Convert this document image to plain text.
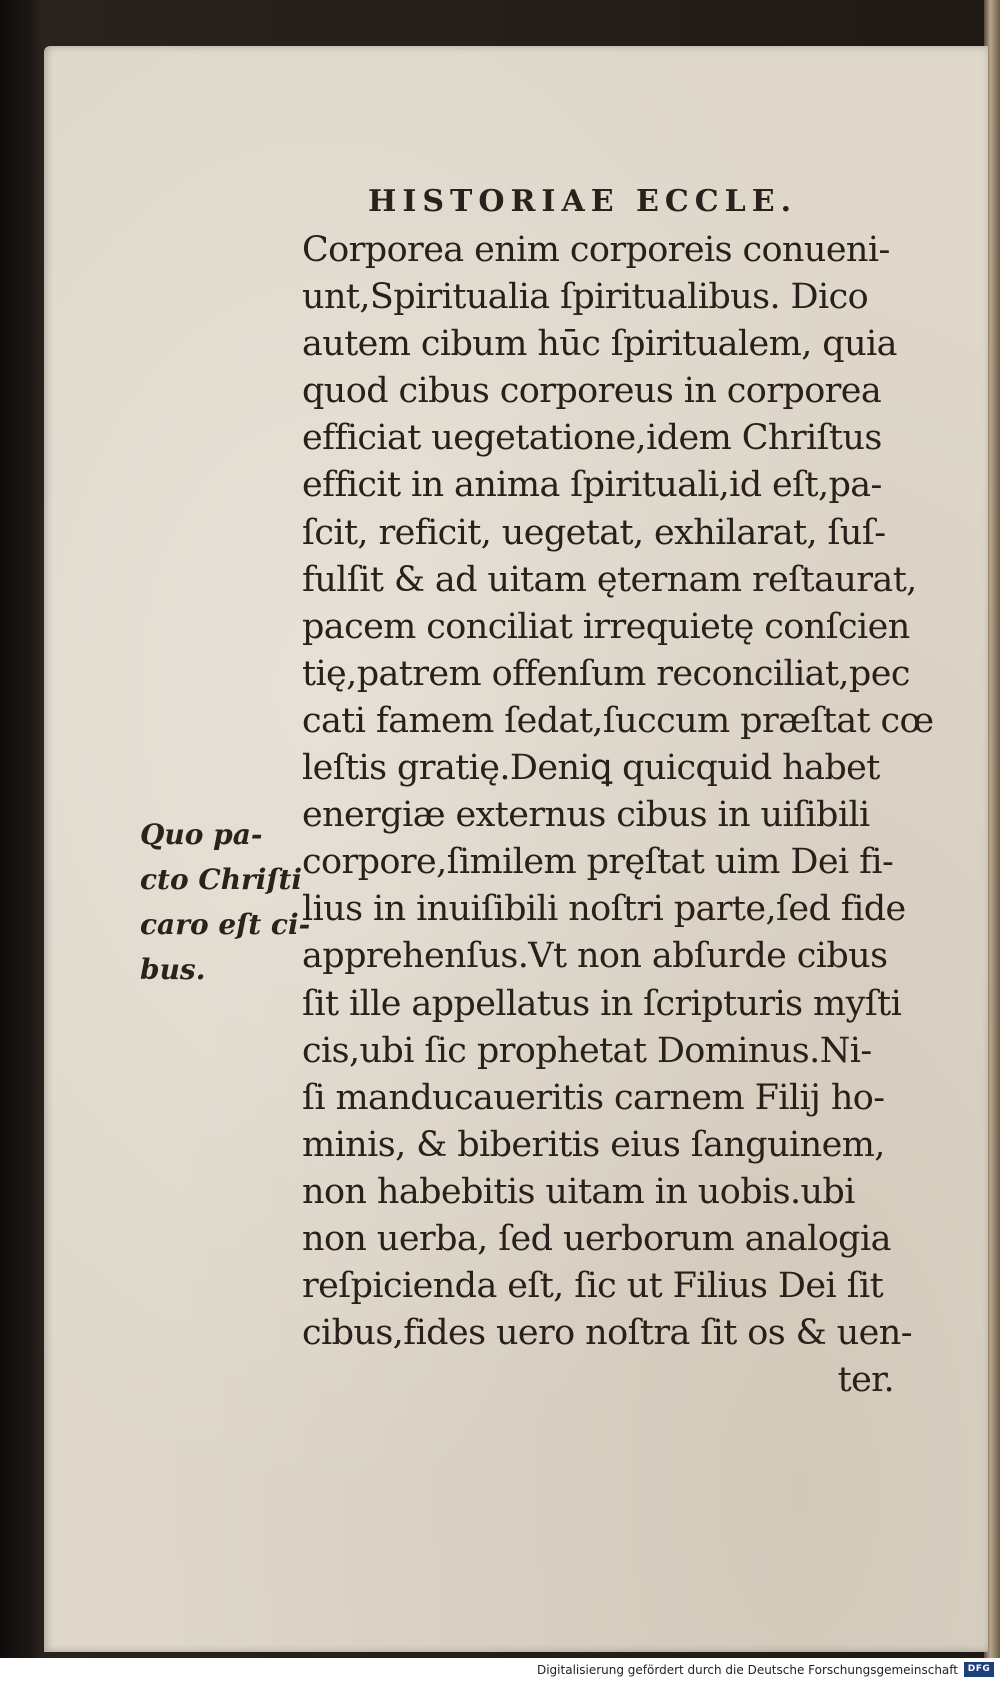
HISTORIAE ECCLE.
Corporea enim corporeis conueni-
unt,Spiritualia ſpiritualibus. Dico
autem cibum hūc ſpiritualem, quia
quod cibus corporeus in corporea
efficiat uegetatione,idem Chriſtus
efficit in anima ſpirituali,id eſt,pa-
ſcit, reficit, uegetat, exhilarat, ſuſ-
fulſit & ad uitam ęternam reſtaurat,
pacem conciliat irrequietę conſcien
tię,patrem offenſum reconciliat,pec
cati famem ſedat,ſuccum præſtat cœ
leſtis gratię.Deniꝗ quicquid habet
energiæ externus cibus in uiſibili
corpore,ſimilem pręſtat uim Dei fi-
lius in inuiſibili noſtri parte,ſed fide
apprehenſus.Vt non abſurde cibus
ſit ille appellatus in ſcripturis myſti
cis,ubi ſic prophetat Dominus.Ni-
ſi manducaueritis carnem Filij ho-
minis, & biberitis eius ſanguinem,
non habebitis uitam in uobis.ubi
non uerba, ſed uerborum analogia
reſpicienda eſt, ſic ut Filius Dei ſit
cibus,fides uero noſtra ſit os & uen-
ter.
Quo pa-
cto Chriſti
caro eſt ci-
bus.
Digitalisierung gefördert durch die Deutsche Forschungsgemeinschaft	DFG
